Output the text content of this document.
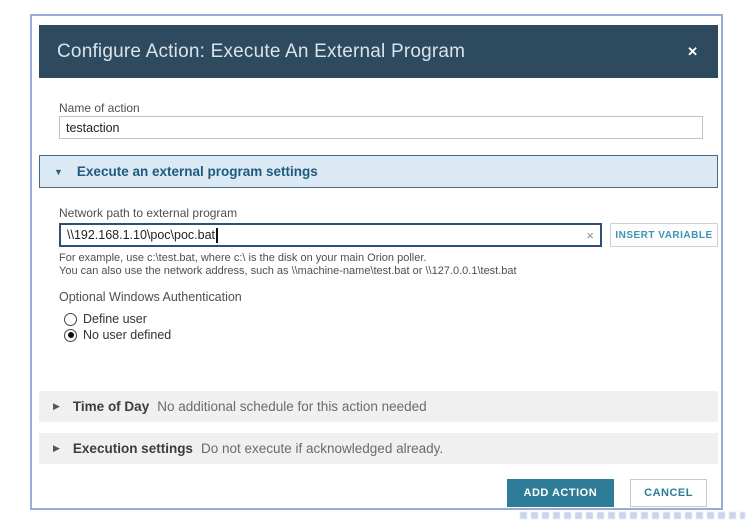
Configure Action: Execute An External Program	✕
Name of action
testaction
▼ Execute an external program settings
Network path to external program
\\192.168.1.10\poc\poc.bat	×	INSERT VARIABLE
For example, use c:\test.bat, where c:\ is the disk on your main Orion poller.
You can also use the network address, such as \\machine-name\test.bat or \\127.0.0.1\test.bat
Optional Windows Authentication
Define user
No user defined
▶ Time of Day No additional schedule for this action needed
▶ Execution settings Do not execute if acknowledged already.
ADD ACTION	CANCEL
